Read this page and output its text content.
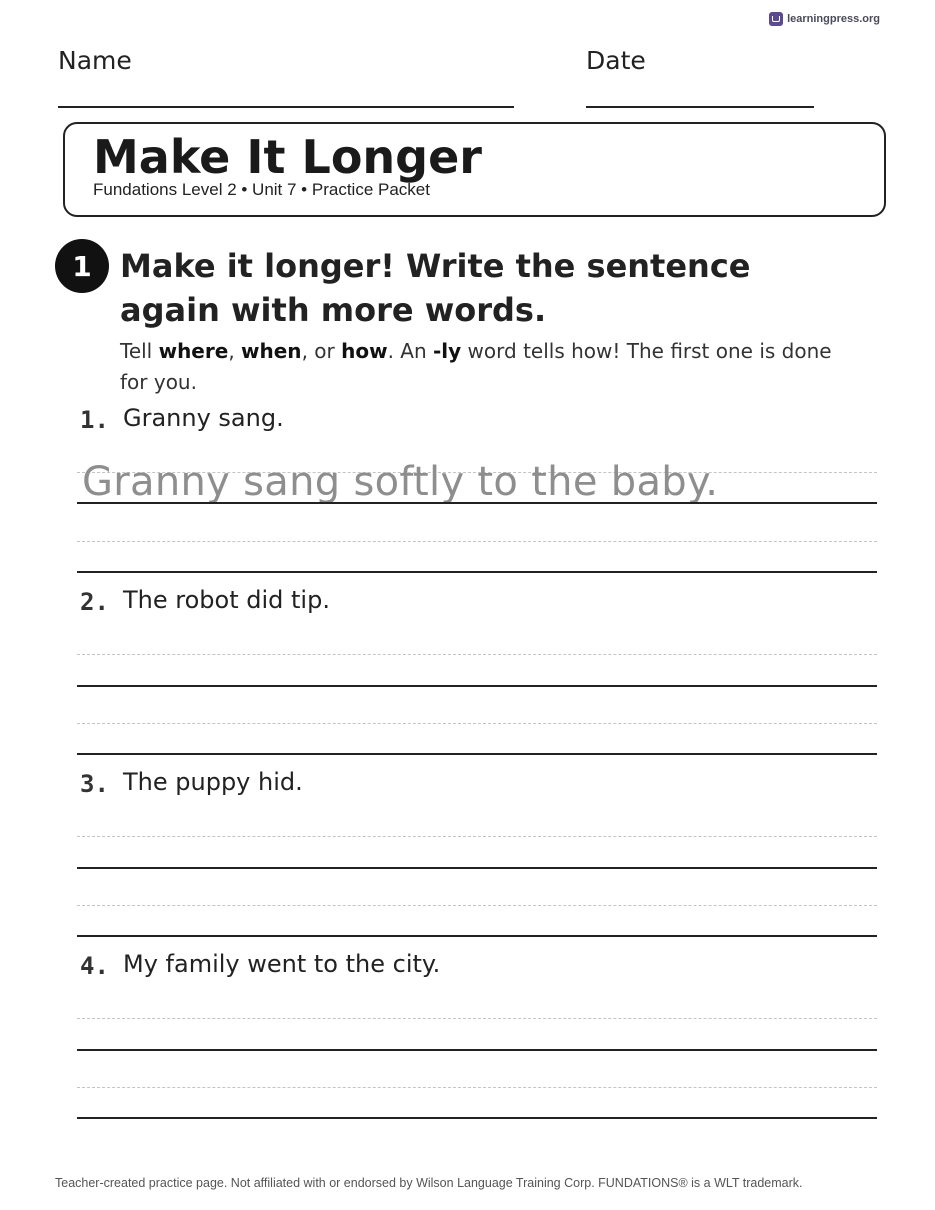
learningpress.org
Name	Date
Make It Longer
Fundations Level 2 • Unit 7 • Practice Packet
1 Make it longer! Write the sentence again with more words.
Tell where, when, or how. An -ly word tells how! The first one is done for you.
1. Granny sang.
Granny sang softly to the baby.
2. The robot did tip.
3. The puppy hid.
4. My family went to the city.
Teacher-created practice page. Not affiliated with or endorsed by Wilson Language Training Corp. FUNDATIONS® is a WLT trademark.
